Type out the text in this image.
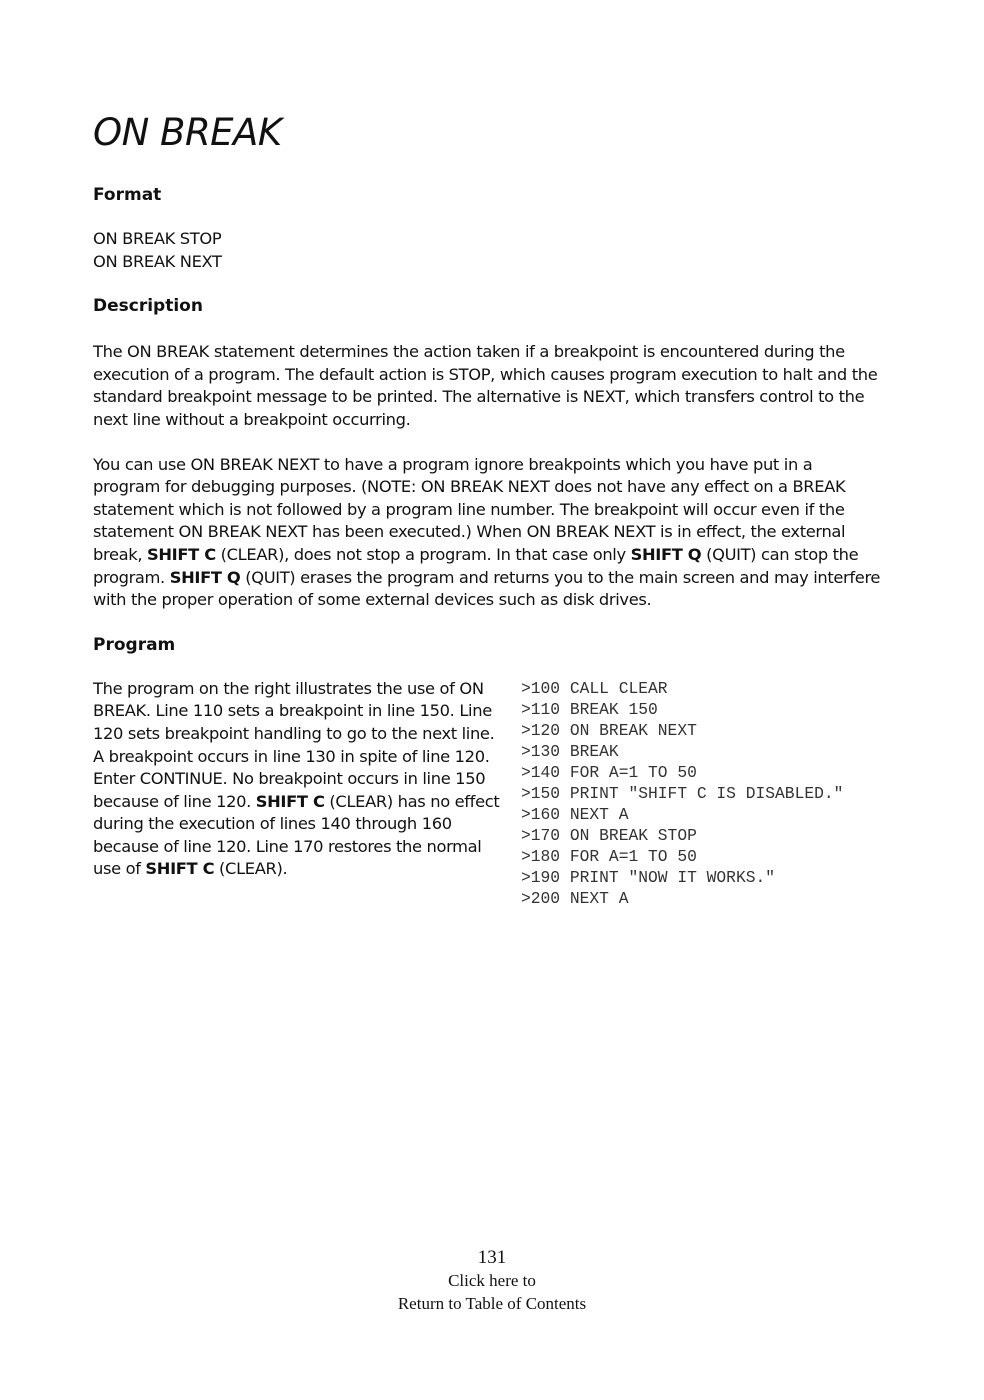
ON BREAK
Format

ON BREAK STOP
ON BREAK NEXT

Description

The ON BREAK statement determines the action taken if a breakpoint is encountered during the execution of a program. The default action is STOP, which causes program execution to halt and the standard breakpoint message to be printed. The alternative is NEXT, which transfers control to the next line without a breakpoint occurring.

You can use ON BREAK NEXT to have a program ignore breakpoints which you have put in a program for debugging purposes. (NOTE: ON BREAK NEXT does not have any effect on a BREAK statement which is not followed by a program line number. The breakpoint will occur even if the statement ON BREAK NEXT has been executed.) When ON BREAK NEXT is in effect, the external break, SHIFT C (CLEAR), does not stop a program. In that case only SHIFT Q (QUIT) can stop the program. SHIFT Q (QUIT) erases the program and returns you to the main screen and may interfere with the proper operation of some external devices such as disk drives.

Program

The program on the right illustrates the use of ON BREAK. Line 110 sets a breakpoint in line 150. Line 120 sets breakpoint handling to go to the next line. A breakpoint occurs in line 130 in spite of line 120. Enter CONTINUE. No breakpoint occurs in line 150 because of line 120. SHIFT C (CLEAR) has no effect during the execution of lines 140 through 160 because of line 120. Line 170 restores the normal use of SHIFT C (CLEAR).

>100 CALL CLEAR
>110 BREAK 150
>120 ON BREAK NEXT
>130 BREAK
>140 FOR A=1 TO 50
>150 PRINT "SHIFT C IS DISABLED."
>160 NEXT A
>170 ON BREAK STOP
>180 FOR A=1 TO 50
>190 PRINT "NOW IT WORKS."
>200 NEXT A
131
Click here to
Return to Table of Contents
